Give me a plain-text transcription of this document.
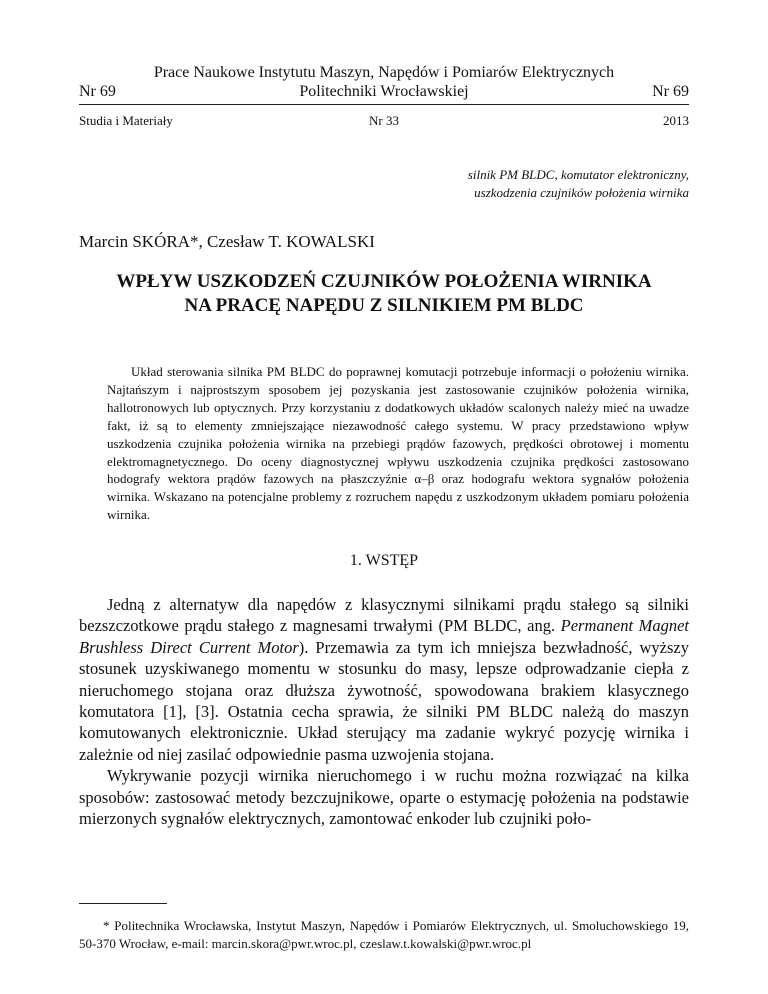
Prace Naukowe Instytutu Maszyn, Napędów i Pomiarów Elektrycznych
Politechniki Wrocławskiej
Nr 69	Nr 69
Studia i Materiały	Nr 33	2013
silnik PM BLDC, komutator elektroniczny,
uszkodzenia czujników położenia wirnika
Marcin SKÓRA*, Czesław T. KOWALSKI
WPŁYW USZKODZEŃ CZUJNIKÓW POŁOŻENIA WIRNIKA
NA PRACĘ NAPĘDU Z SILNIKIEM PM BLDC

Układ sterowania silnika PM BLDC do poprawnej komutacji potrzebuje informacji o położeniu wirnika. Najtańszym i najprostszym sposobem jej pozyskania jest zastosowanie czujników położenia wirnika, hallotronowych lub optycznych. Przy korzystaniu z dodatkowych układów scalonych należy mieć na uwadze fakt, iż są to elementy zmniejszające niezawodność całego systemu. W pracy przedstawiono wpływ uszkodzenia czujnika położenia wirnika na przebiegi prądów fazowych, prędkości obrotowej i momentu elektromagnetycznego. Do oceny diagnostycznej wpływu uszkodzenia czujnika prędkości zastosowano hodografy wektora prądów fazowych na płaszczyźnie α–β oraz hodografu wektora sygnałów położenia wirnika. Wskazano na potencjalne problemy z rozruchem napędu z uszkodzonym układem pomiaru położenia wirnika.

1. WSTĘP

Jedną z alternatyw dla napędów z klasycznymi silnikami prądu stałego są silniki bezszczotkowe prądu stałego z magnesami trwałymi (PM BLDC, ang. Permanent Magnet Brushless Direct Current Motor). Przemawia za tym ich mniejsza bezwładność, wyższy stosunek uzyskiwanego momentu w stosunku do masy, lepsze odprowadzanie ciepła z nieruchomego stojana oraz dłuższa żywotność, spowodowana brakiem klasycznego komutatora [1], [3]. Ostatnia cecha sprawia, że silniki PM BLDC należą do maszyn komutowanych elektronicznie. Układ sterujący ma zadanie wykryć pozycję wirnika i zależnie od niej zasilać odpowiednie pasma uzwojenia stojana.

Wykrywanie pozycji wirnika nieruchomego i w ruchu można rozwiązać na kilka sposobów: zastosować metody bezczujnikowe, oparte o estymację położenia na podstawie mierzonych sygnałów elektrycznych, zamontować enkoder lub czujniki poło-

* Politechnika Wrocławska, Instytut Maszyn, Napędów i Pomiarów Elektrycznych, ul. Smoluchowskiego 19, 50-370 Wrocław, e-mail: marcin.skora@pwr.wroc.pl, czeslaw.t.kowalski@pwr.wroc.pl
